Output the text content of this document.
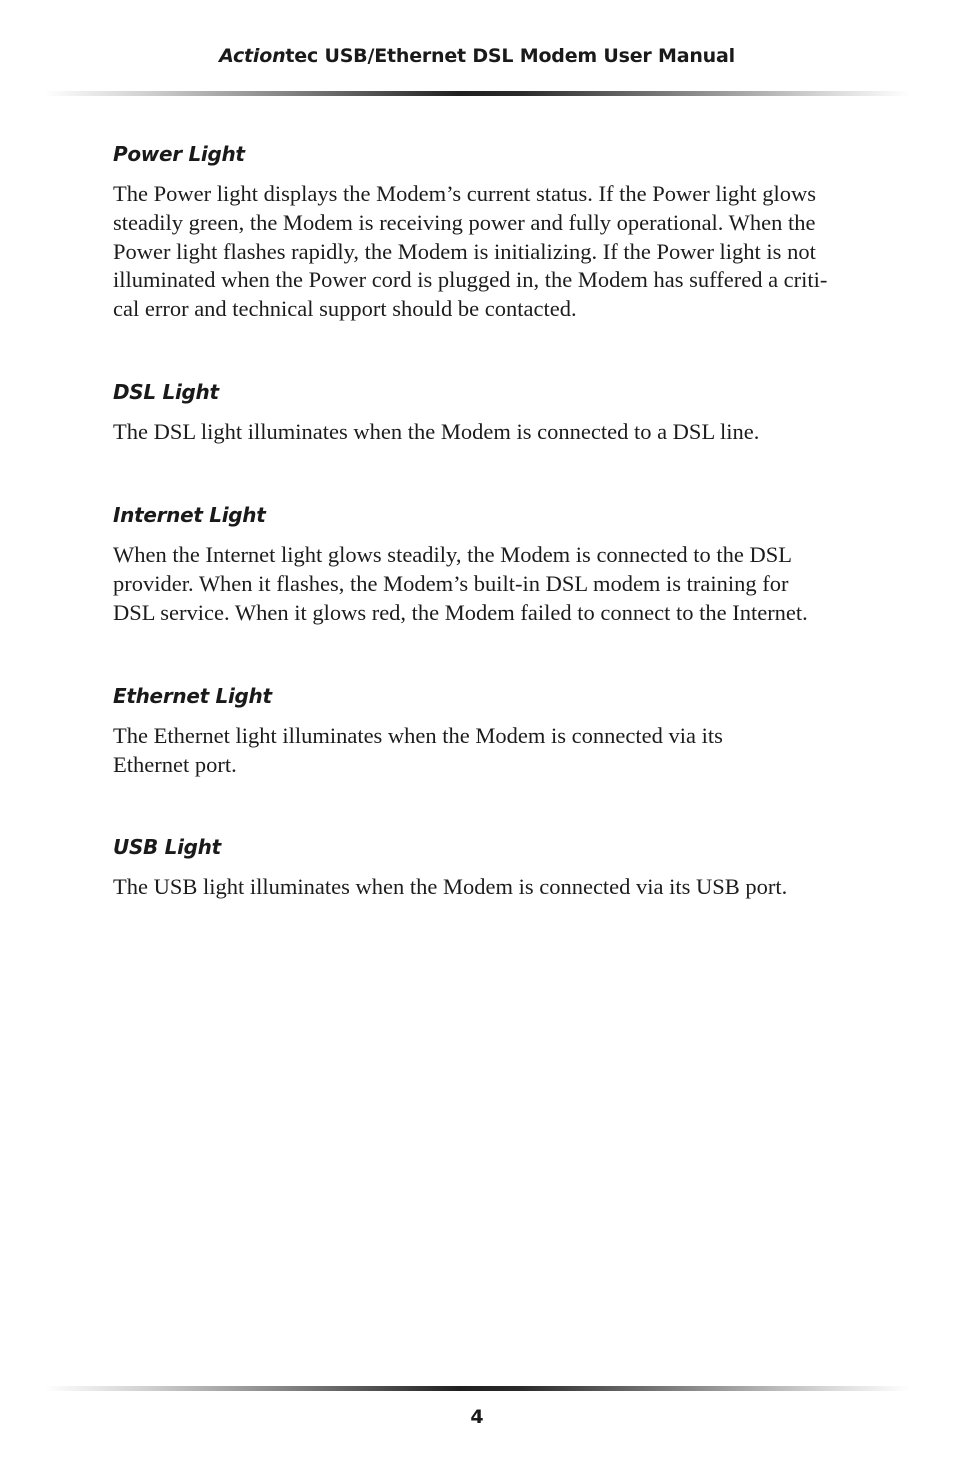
Actiontec USB/Ethernet DSL Modem User Manual
Power Light

The Power light displays the Modem’s current status. If the Power light glows
steadily green, the Modem is receiving power and fully operational. When the
Power light flashes rapidly, the Modem is initializing. If the Power light is not
illuminated when the Power cord is plugged in, the Modem has suffered a criti-
cal error and technical support should be contacted.

DSL Light

The DSL light illuminates when the Modem is connected to a DSL line.

Internet Light

When the Internet light glows steadily, the Modem is connected to the DSL
provider. When it flashes, the Modem’s built-in DSL modem is training for
DSL service. When it glows red, the Modem failed to connect to the Internet.

Ethernet Light

The Ethernet light illuminates when the Modem is connected via its
Ethernet port.

USB Light

The USB light illuminates when the Modem is connected via its USB port.

4
